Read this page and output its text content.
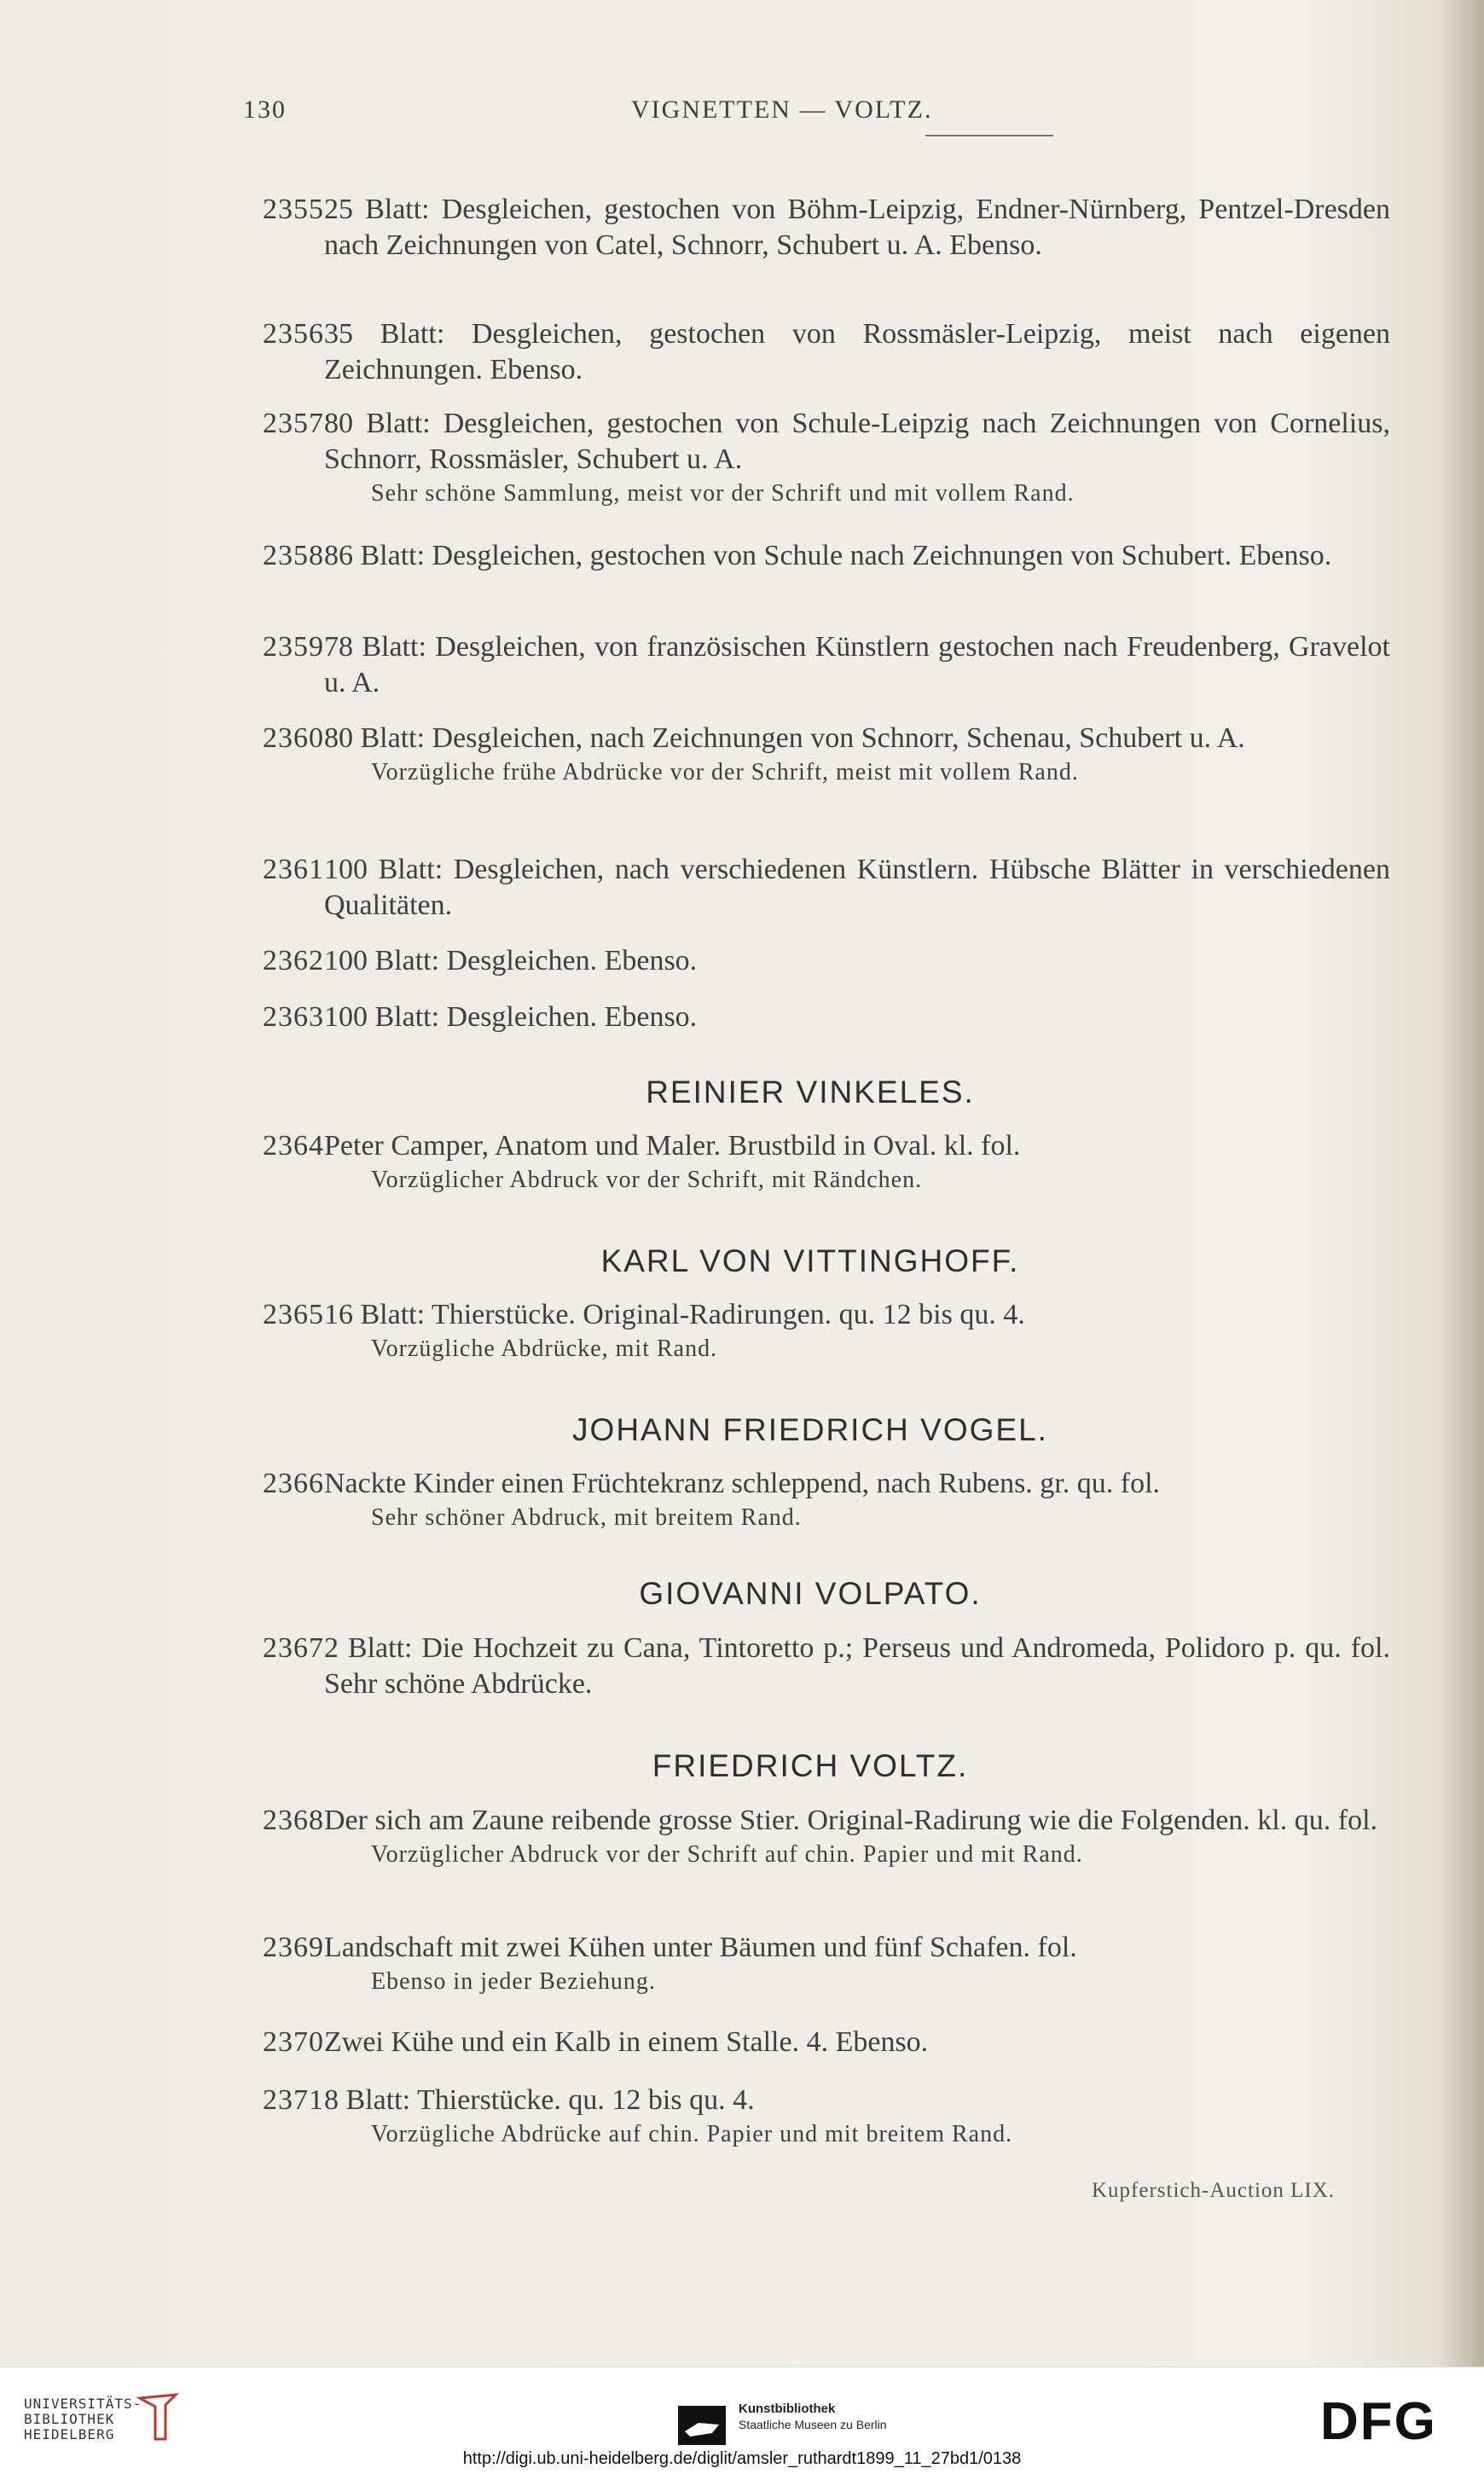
130	VIGNETTEN — VOLTZ.
2355 25 Blatt: Desgleichen, gestochen von Böhm-Leipzig, Endner-Nürnberg, Pentzel-Dresden nach Zeichnungen von Catel, Schnorr, Schubert u. A. Ebenso.
2356 35 Blatt: Desgleichen, gestochen von Rossmäsler-Leipzig, meist nach eigenen Zeichnungen. Ebenso.
2357 80 Blatt: Desgleichen, gestochen von Schule-Leipzig nach Zeichnungen von Cornelius, Schnorr, Rossmäsler, Schubert u. A.
Sehr schöne Sammlung, meist vor der Schrift und mit vollem Rand.
2358 86 Blatt: Desgleichen, gestochen von Schule nach Zeichnungen von Schubert. Ebenso.
2359 78 Blatt: Desgleichen, von französischen Künstlern gestochen nach Freudenberg, Gravelot u. A.
2360 80 Blatt: Desgleichen, nach Zeichnungen von Schnorr, Schenau, Schubert u. A.
Vorzügliche frühe Abdrücke vor der Schrift, meist mit vollem Rand.
2361 100 Blatt: Desgleichen, nach verschiedenen Künstlern. Hübsche Blätter in verschiedenen Qualitäten.
2362 100 Blatt: Desgleichen. Ebenso.
2363 100 Blatt: Desgleichen. Ebenso.
REINIER VINKELES.
2364 Peter Camper, Anatom und Maler. Brustbild in Oval. kl. fol.
Vorzüglicher Abdruck vor der Schrift, mit Rändchen.
KARL VON VITTINGHOFF.
2365 16 Blatt: Thierstücke. Original-Radirungen. qu. 12 bis qu. 4.
Vorzügliche Abdrücke, mit Rand.
JOHANN FRIEDRICH VOGEL.
2366 Nackte Kinder einen Früchtekranz schleppend, nach Rubens. gr. qu. fol.
Sehr schöner Abdruck, mit breitem Rand.
GIOVANNI VOLPATO.
2367 2 Blatt: Die Hochzeit zu Cana, Tintoretto p.; Perseus und Andromeda, Polidoro p. qu. fol. Sehr schöne Abdrücke.
FRIEDRICH VOLTZ.
2368 Der sich am Zaune reibende grosse Stier. Original-Radirung wie die Folgenden. kl. qu. fol.
Vorzüglicher Abdruck vor der Schrift auf chin. Papier und mit Rand.
2369 Landschaft mit zwei Kühen unter Bäumen und fünf Schafen. fol.
Ebenso in jeder Beziehung.
2370 Zwei Kühe und ein Kalb in einem Stalle. 4. Ebenso.
2371 8 Blatt: Thierstücke. qu. 12 bis qu. 4.
Vorzügliche Abdrücke auf chin. Papier und mit breitem Rand.
Kupferstich-Auction LIX.
UNIVERSITÄTS-
BIBLIOTHEK
HEIDELBERG
Kunstbibliothek
Staatliche Museen zu Berlin	DFG
http://digi.ub.uni-heidelberg.de/diglit/amsler_ruthardt1899_11_27bd1/0138
